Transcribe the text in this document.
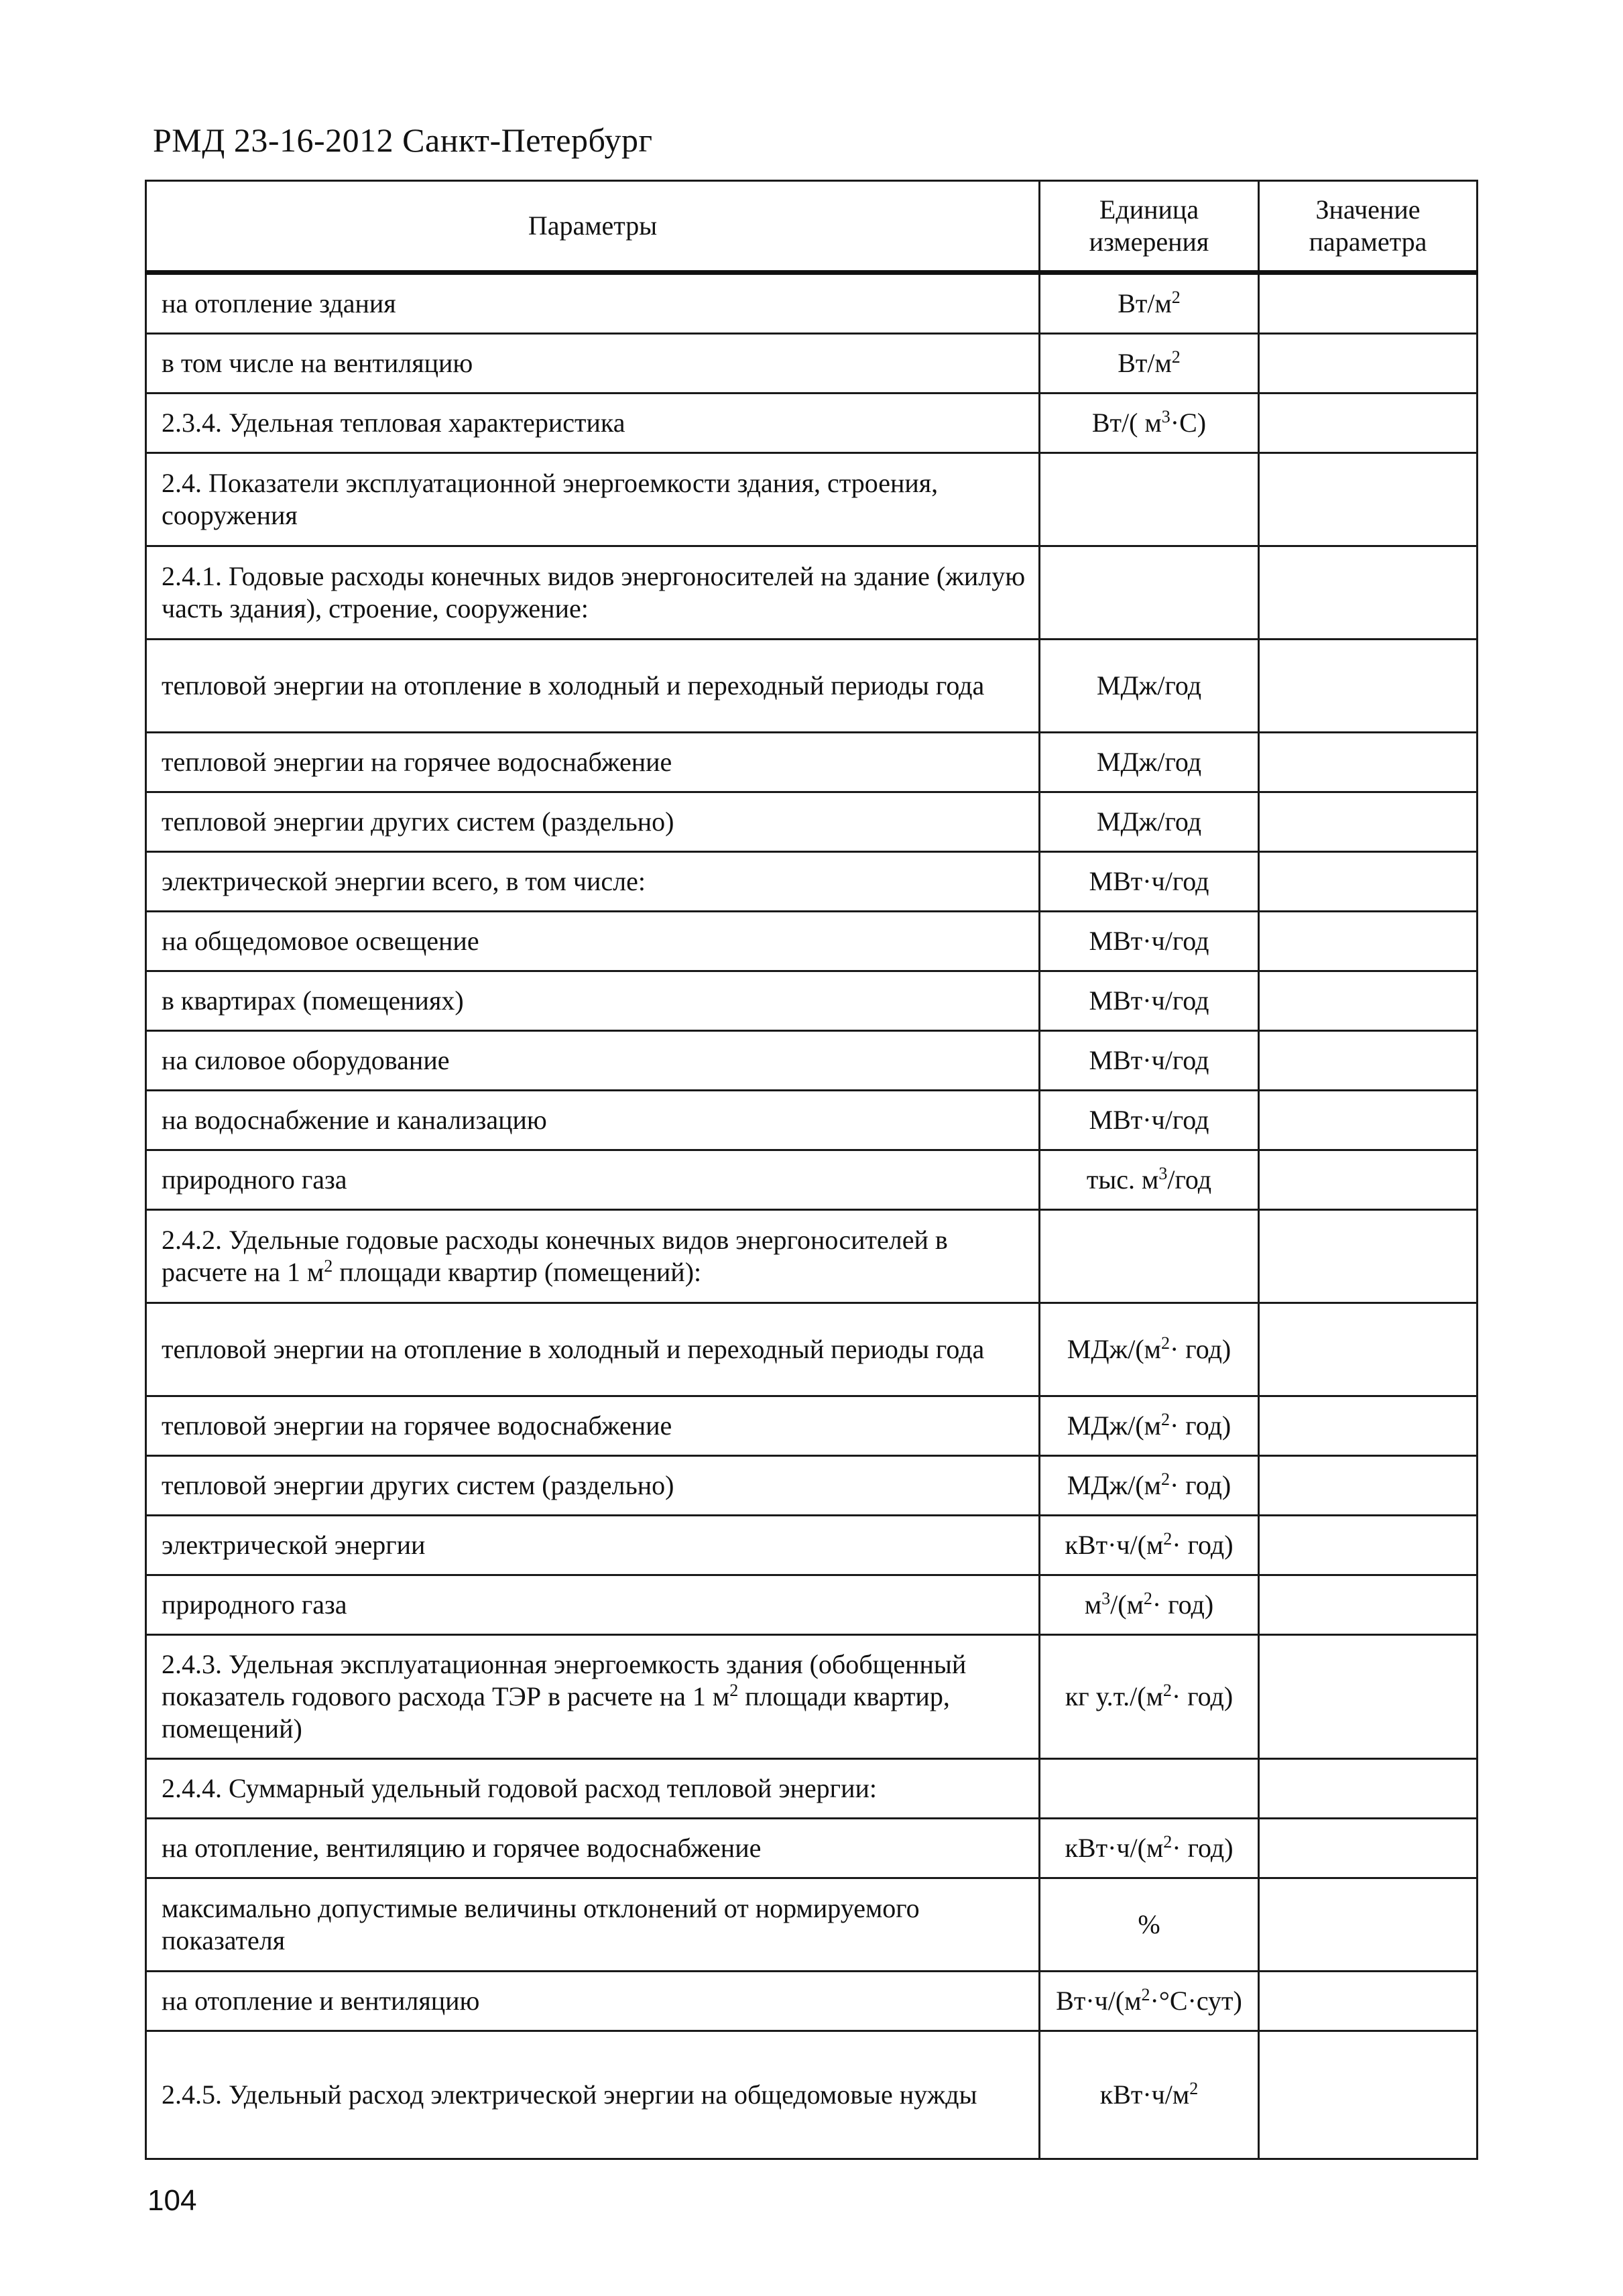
РМД 23-16-2012 Санкт-Петербург
Параметры	Единица измерения	Значение параметра
на отопление здания	$Вт/м^2$	
в том числе на вентиляцию	$Вт/м^2$	
2.3.4. Удельная тепловая характеристика	Вт/( $м^3\cdot С$)	
2.4. Показатели эксплуатационной энергоемкости здания, строения, сооружения		
2.4.1. Годовые расходы конечных видов энергоносителей на здание (жилую часть здания), строение, сооружение:		
тепловой энергии на отопление в холодный и переходный периоды года	МДж/год	
тепловой энергии на горячее водоснабжение	МДж/год	
тепловой энергии других систем (раздельно)	МДж/год	
электрической энергии всего, в том числе:	МВт·ч/год	
на общедомовое освещение	МВт·ч/год	
в квартирах (помещениях)	МВт·ч/год	
на силовое оборудование	МВт·ч/год	
на водоснабжение и канализацию	МВт·ч/год	
природного газа	тыс. $м^3$/год	
2.4.2. Удельные годовые расходы конечных видов энергоносителей в расчете на 1 $м^2$ площади квартир (помещений):		
тепловой энергии на отопление в холодный и переходный периоды года	МДж/$(м^2\cdot год)$	
тепловой энергии на горячее водоснабжение	МДж/$(м^2\cdot год)$	
тепловой энергии других систем (раздельно)	МДж/$(м^2\cdot год)$	
электрической энергии	$кВт\cdot ч/(м^2\cdot год)$	
природного газа	$м^3/(м^2\cdot год)$	
2.4.3. Удельная эксплуатационная энергоемкость здания (обобщенный показатель годового расхода ТЭР в расчете на 1 $м^2$ площади квартир, помещений)	кг $у.т./(м^2\cdot год)$	
2.4.4. Суммарный удельный годовой расход тепловой энергии:		
на отопление, вентиляцию и горячее водоснабжение	$кВт\cdot ч/(м^2\cdot год)$	
максимально допустимые величины отклонений от нормируемого показателя	%	
на отопление и вентиляцию	$Вт\cdot ч/(м^2\cdot^\circ С\cdot сут)$	
2.4.5. Удельный расход электрической энергии на общедомовые нужды	$кВт\cdot ч/м^2$	
104
